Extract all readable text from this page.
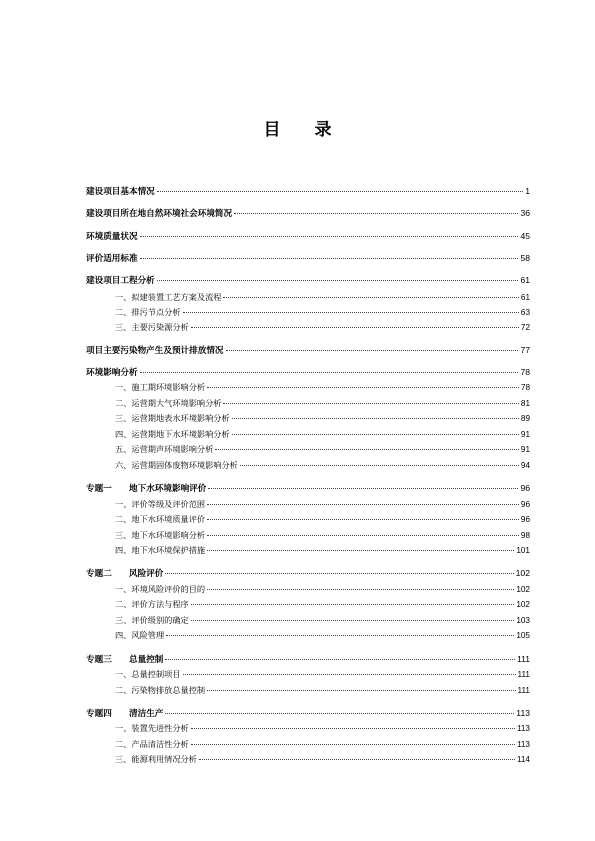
目 录
建设项目基本情况	1
建设项目所在地自然环境社会环境简况	36
环境质量状况	45
评价适用标准	58
建设项目工程分析	61
一、拟建装置工艺方案及流程	61
二、排污节点分析	63
三、主要污染源分析	72
项目主要污染物产生及预计排放情况	77
环境影响分析	78
一、施工期环境影响分析	78
二、运营期大气环境影响分析	81
三、运营期地表水环境影响分析	89
四、运营期地下水环境影响分析	91
五、运营期声环境影响分析	91
六、运营期固体废物环境影响分析	94
专题一 地下水环境影响评价	96
一、评价等级及评价范围	96
二、地下水环境质量评价	96
三、地下水环境影响分析	98
四、地下水环境保护措施	101
专题二 风险评价	102
一、环境风险评价的目的	102
二、评价方法与程序	102
三、评价级别的确定	103
四、风险管理	105
专题三 总量控制	111
一、总量控制项目	111
二、污染物排放总量控制	111
专题四 清洁生产	113
一、装置先进性分析	113
二、产品清洁性分析	113
三、能源利用情况分析	114
